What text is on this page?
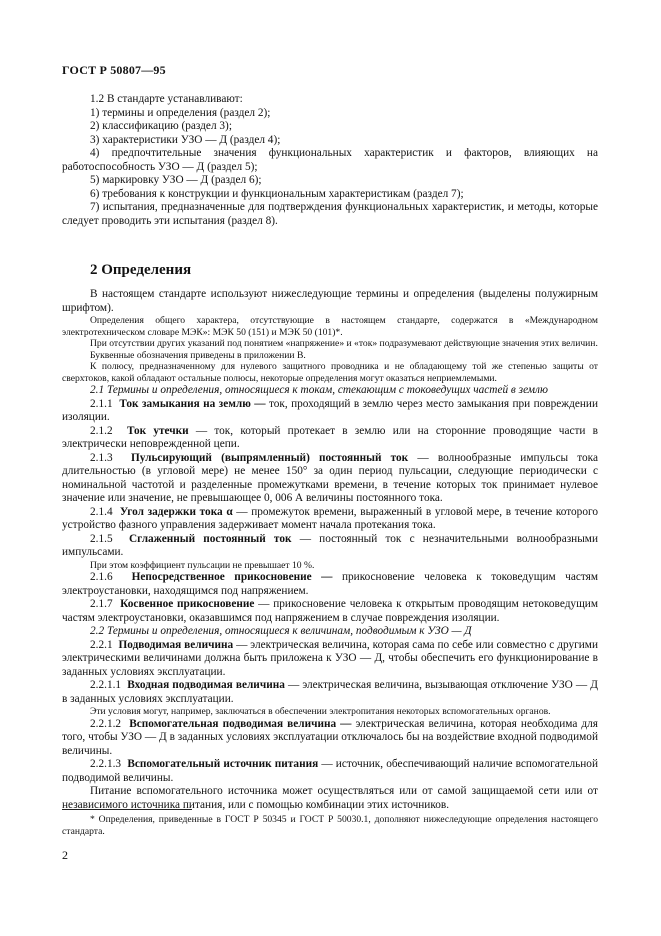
ГОСТ Р 50807—95

1.2 В стандарте устанавливают:

1) термины и определения (раздел 2);

2) классификацию (раздел 3);

3) характеристики УЗО — Д (раздел 4);

4) предпочтительные значения функциональных характеристик и факторов, влияющих на работоспособность УЗО — Д (раздел 5);

5) маркировку УЗО — Д (раздел 6);

6) требования к конструкции и функциональным характеристикам (раздел 7);

7) испытания, предназначенные для подтверждения функциональных характеристик, и методы, которые следует проводить эти испытания (раздел 8).

2 Определения

В настоящем стандарте используют нижеследующие термины и определения (выделены полужирным шрифтом).

Определения общего характера, отсутствующие в настоящем стандарте, содержатся в «Международном электротехническом словаре МЭК»: МЭК 50 (151) и МЭК 50 (101)*.

При отсутствии других указаний под понятием «напряжение» и «ток» подразумевают действующие значения этих величин.

Буквенные обозначения приведены в приложении В.

К полюсу, предназначенному для нулевого защитного проводника и не обладающему той же степенью защиты от сверхтоков, какой обладают остальные полюсы, некоторые определения могут оказаться неприемлемыми.

2.1 Термины и определения, относящиеся к токам, стекающим с токоведущих частей в землю

2.1.1 Ток замыкания на землю — ток, проходящий в землю через место замыкания при повреждении изоляции.

2.1.2 Ток утечки — ток, который протекает в землю или на сторонние проводящие части в электрически неповрежденной цепи.

2.1.3 Пульсирующий (выпрямленный) постоянный ток — волнообразные импульсы тока длительностью (в угловой мере) не менее 150° за один период пульсации, следующие периодически с номинальной частотой и разделенные промежутками времени, в течение которых ток принимает нулевое значение или значение, не превышающее 0, 006 А величины постоянного тока.

2.1.4 Угол задержки тока α — промежуток времени, выраженный в угловой мере, в течение которого устройство фазного управления задерживает момент начала протекания тока.

2.1.5 Сглаженный постоянный ток — постоянный ток с незначительными волнообразными импульсами.

При этом коэффициент пульсации не превышает 10 %.

2.1.6 Непосредственное прикосновение — прикосновение человека к токоведущим частям электроустановки, находящимся под напряжением.

2.1.7 Косвенное прикосновение — прикосновение человека к открытым проводящим нетоковедущим частям электроустановки, оказавшимся под напряжением в случае повреждения изоляции.

2.2 Термины и определения, относящиеся к величинам, подводимым к УЗО — Д

2.2.1 Подводимая величина — электрическая величина, которая сама по себе или совместно с другими электрическими величинами должна быть приложена к УЗО — Д, чтобы обеспечить его функционирование в заданных условиях эксплуатации.

2.2.1.1 Входная подводимая величина — электрическая величина, вызывающая отключение УЗО — Д в заданных условиях эксплуатации.

Эти условия могут, например, заключаться в обеспечении электропитания некоторых вспомогательных органов.

2.2.1.2 Вспомогательная подводимая величина — электрическая величина, которая необходима для того, чтобы УЗО — Д в заданных условиях эксплуатации отключалось бы на воздействие входной подводимой величины.

2.2.1.3 Вспомогательный источник питания — источник, обеспечивающий наличие вспомогательной подводимой величины.

Питание вспомогательного источника может осуществляться или от самой защищаемой сети или от независимого источника питания, или с помощью комбинации этих источников.

* Определения, приведенные в ГОСТ Р 50345 и ГОСТ Р 50030.1, дополняют нижеследующие определения настоящего стандарта.

2
